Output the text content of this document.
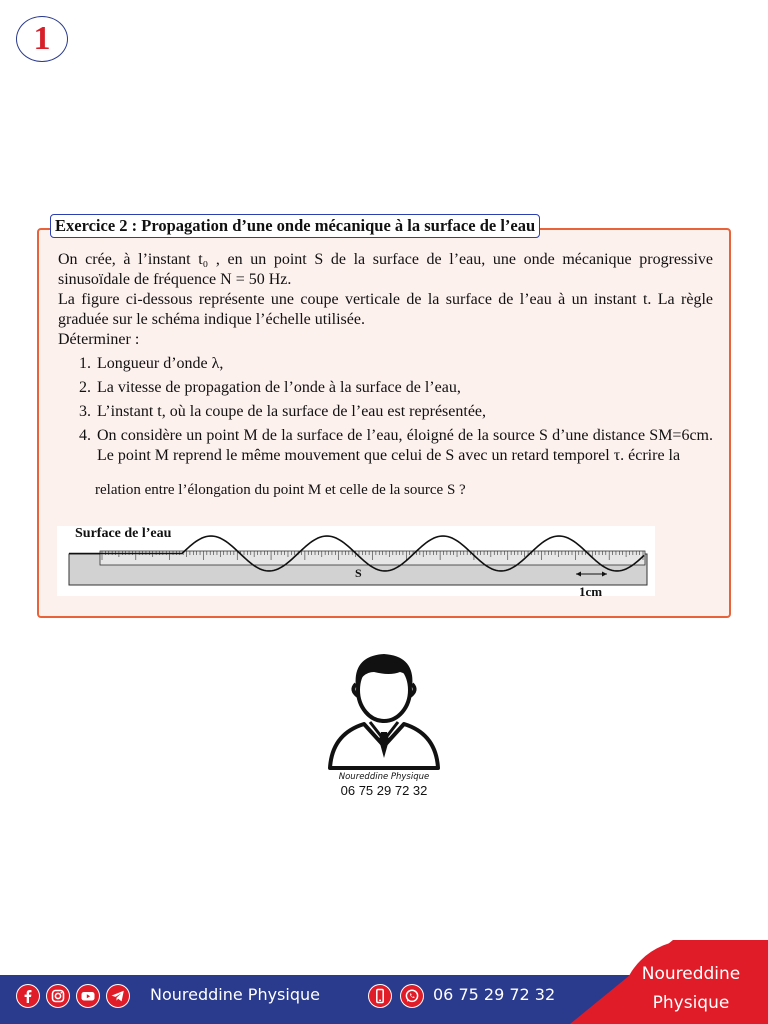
1
Exercice 2 : Propagation d’une onde mécanique à la surface de l’eau

On crée, à l’instant t₀ , en un point S de la surface de l’eau, une onde mécanique progressive sinusoïdale de fréquence N = 50 Hz.

La figure ci-dessous représente une coupe verticale de la surface de l’eau à un instant t. La règle graduée sur le schéma indique l’échelle utilisée.

Déterminer :

1. Longueur d’onde λ,
2. La vitesse de propagation de l’onde à la surface de l’eau,
3. L’instant t, où la coupe de la surface de l’eau est représentée,
4. On considère un point M de la surface de l’eau, éloigné de la source S d’une distance SM=6cm. Le point M reprend le même mouvement que celui de S avec un retard temporel τ. écrire la
relation entre l’élongation du point M et celle de la source S ?
Surface de l’eau
S
1cm
Noureddine Physique
06 75 29 72 32
Noureddine Physique	06 75 29 72 32
Noureddine
Physique
